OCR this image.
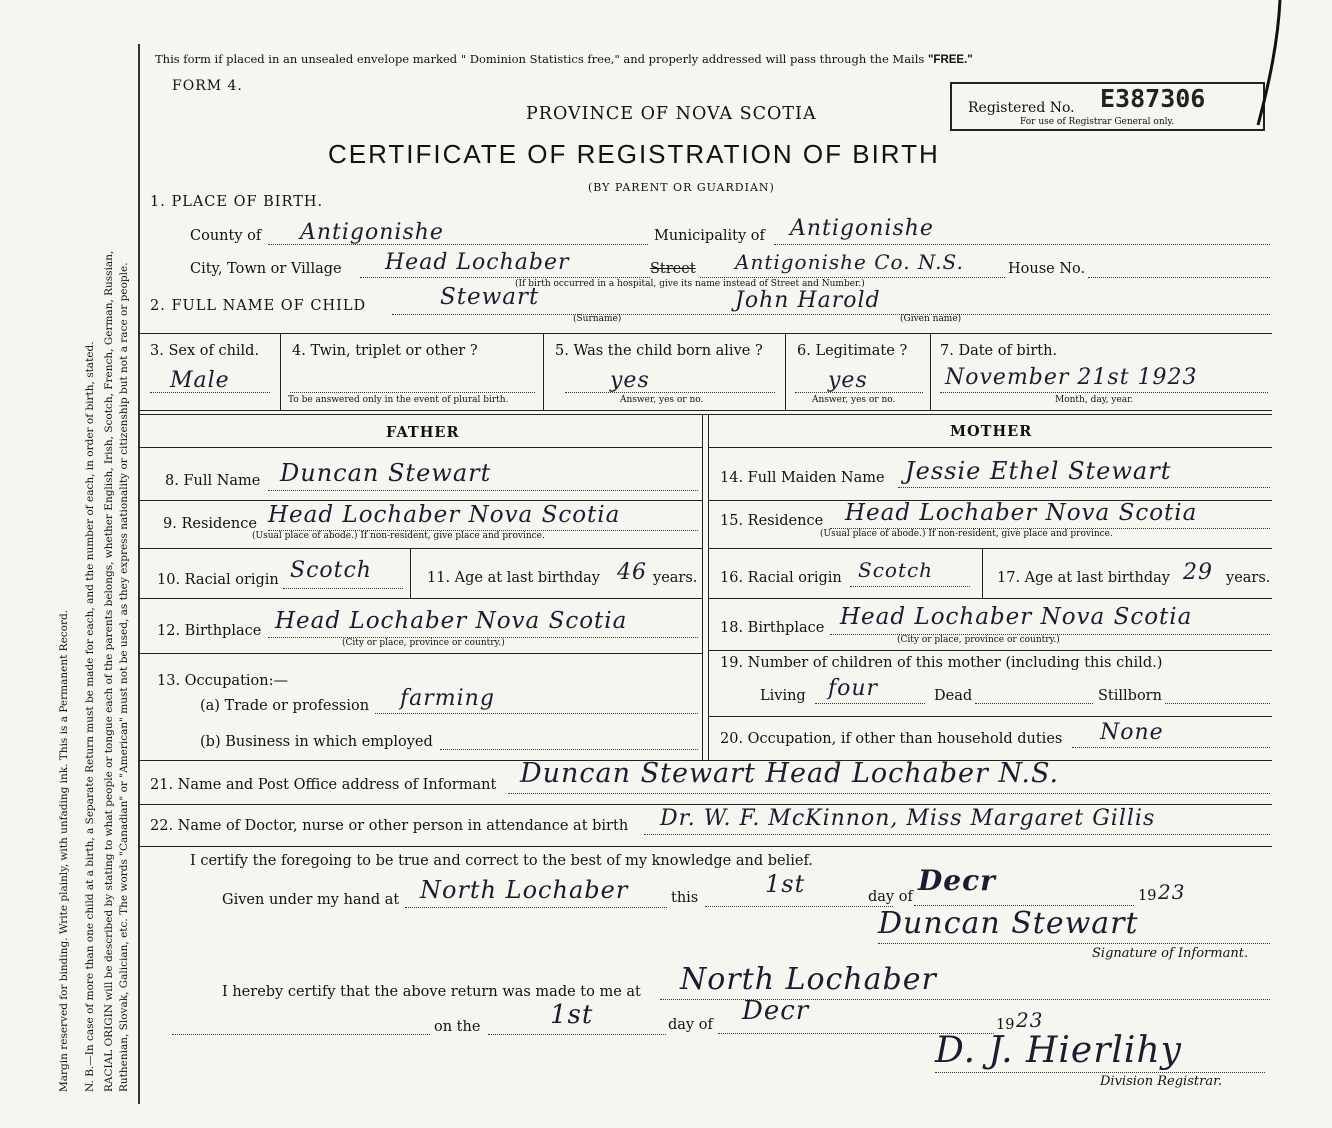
Margin reserved for binding. Write plainly, with unfading ink. This is a Permanent Record. N. B.—In case of more than one child at a birth, a Separate Return must be made for each, and the number of each, in order of birth, stated. RACIAL ORIGIN will be described by stating to what people or tongue each of the parents belongs, whether English, Irish, Scotch, French, German, Russian, Ruthenian, Slovak, Galician, etc. The words "Canadian" or "American" must not be used, as they express nationality or citizenship but not a race or people.
This form if placed in an unsealed envelope marked " Dominion Statistics free," and properly addressed will pass through the Mails "FREE."
FORM 4.
PROVINCE OF NOVA SCOTIA	Registered No. E387306
For use of Registrar General only.
CERTIFICATE OF REGISTRATION OF BIRTH
(BY PARENT OR GUARDIAN)
1. PLACE OF BIRTH.
County of Antigonishe	Municipality of Antigonishe
City, Town or Village Head Lochaber	Street Antigonishe Co. N.S.	House No.
(If birth occurred in a hospital, give its name instead of Street and Number.)
2. FULL NAME OF CHILD	Stewart
(Surname)
John Harold
(Given name)
3. Sex of child.
Male
4. Twin, triplet or other ?
To be answered only in the event of plural birth.
5. Was the child born alive ?
yes
Answer, yes or no.
6. Legitimate ?
yes
Answer, yes or no.
7. Date of birth.
November 21st 1923
Month, day, year.
FATHER	MOTHER
8. Full Name Duncan Stewart	14. Full Maiden Name Jessie Ethel Stewart
9. Residence Head Lochaber Nova Scotia
(Usual place of abode.) If non-resident, give place and province.
15. Residence Head Lochaber Nova Scotia
(Usual place of abode.) If non-resident, give place and province.
10. Racial origin Scotch	11. Age at last birthday 46 years. 16. Racial origin Scotch	17. Age at last birthday 29 years.
12. Birthplace Head Lochaber Nova Scotia
(City or place, province or country.)
18. Birthplace Head Lochaber Nova Scotia
(City or place, province or country.)
13. Occupation:—
(a) Trade or profession farming
(b) Business in which employed
19. Number of children of this mother (including this child.)
Living four	Dead	Stillborn
20. Occupation, if other than household duties None
21. Name and Post Office address of Informant Duncan Stewart Head Lochaber N.S.
22. Name of Doctor, nurse or other person in attendance at birth Dr. W. F. McKinnon, Miss Margaret Gillis
I certify the foregoing to be true and correct to the best of my knowledge and belief.
Given under my hand at North Lochaber	this	1st	day of Decr	19 23
Duncan Stewart
Signature of Informant.
I hereby certify that the above return was made to me at North Lochaber
on the	1st	day of Decr	19 23
D. J. Hierlihy
Division Registrar.
